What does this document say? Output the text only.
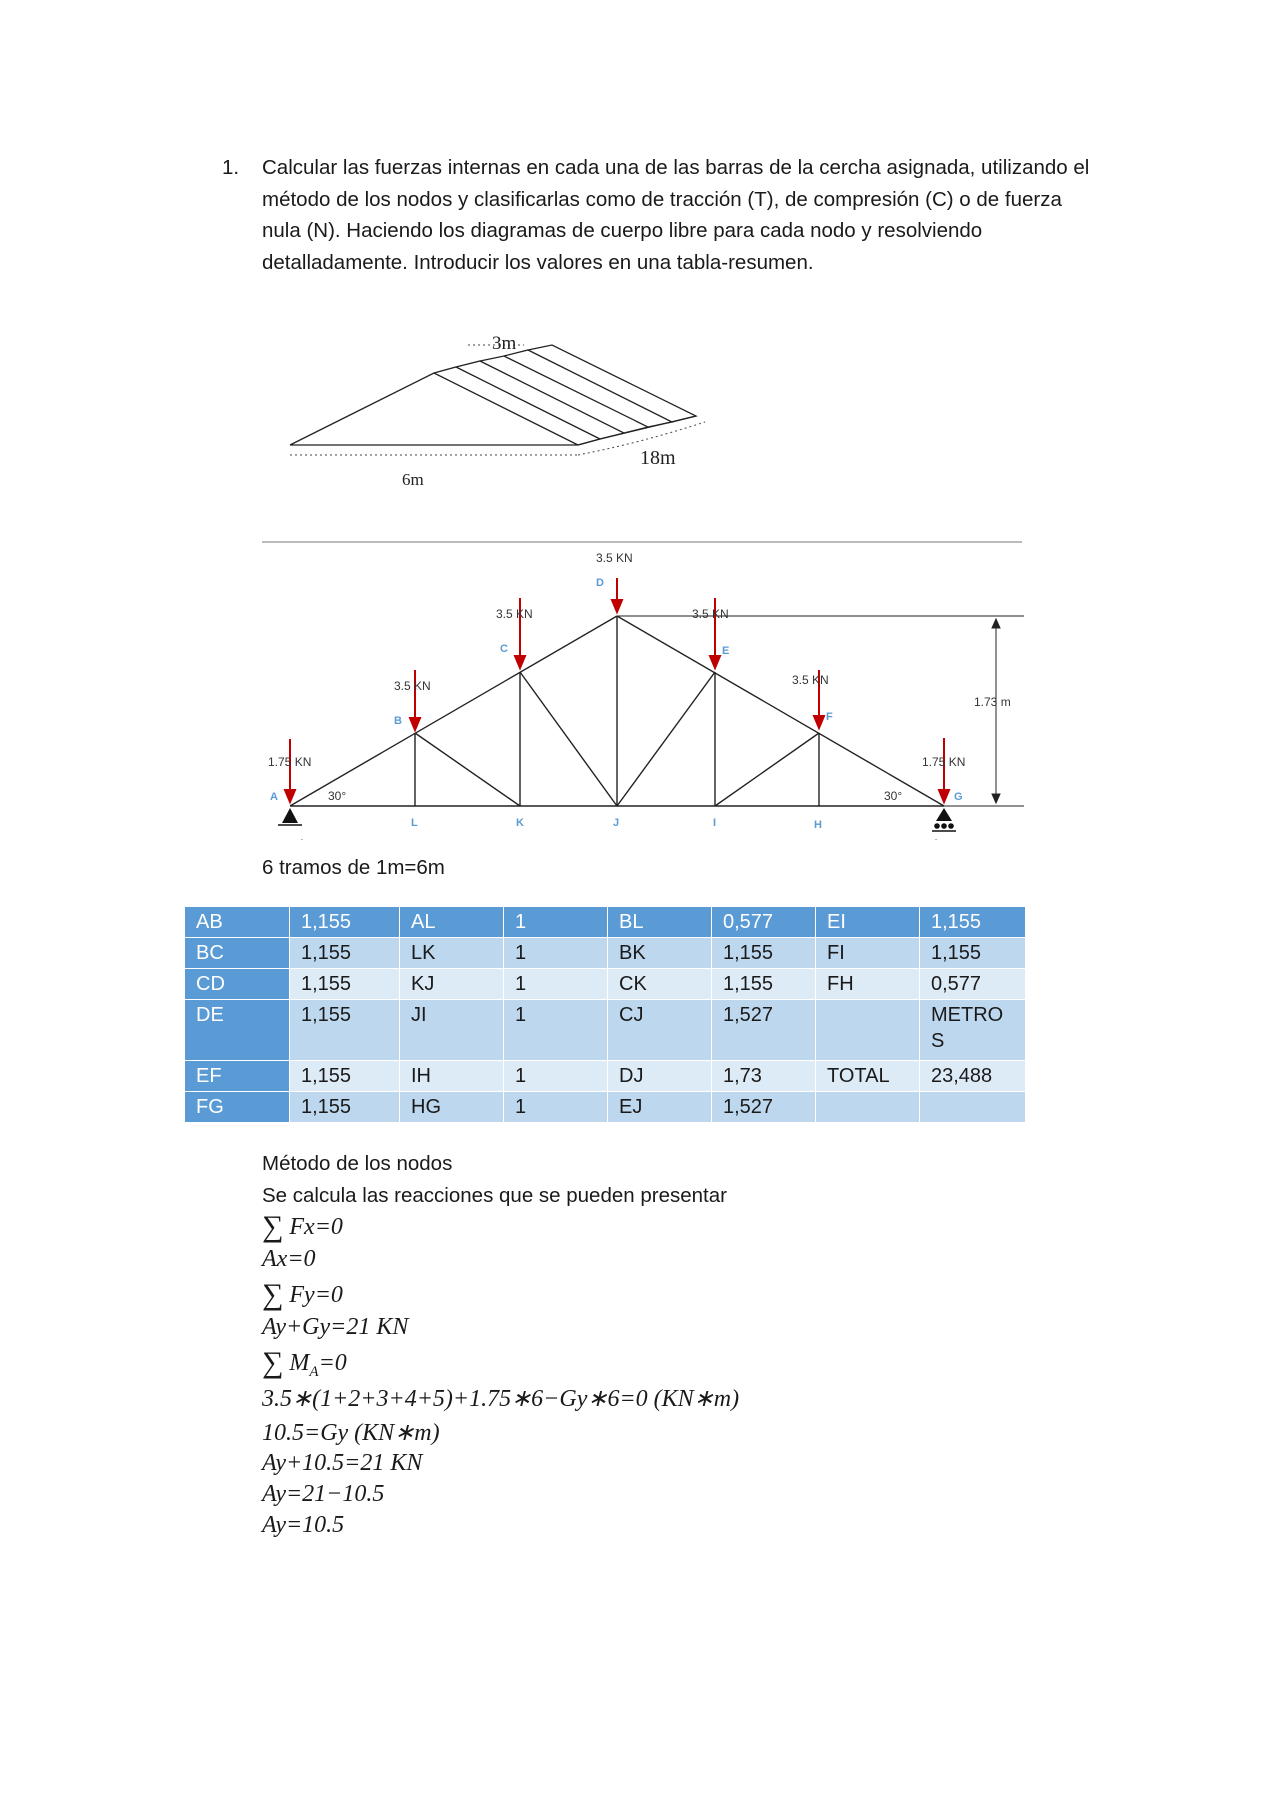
1. Calcular las fuerzas internas en cada una de las barras de la cercha asignada, utilizando el método de los nodos y clasificarlas como de tracción (T), de compresión (C) o de fuerza nula (N). Haciendo los diagramas de cuerpo libre para cada nodo y resolviendo detalladamente. Introducir los valores en una tabla-resumen.
3m
18m
6m
1.75 KN
3.5 KN
3.5 KN
3.5 KN
3.5 KN
3.5 KN
1.75 KN
30°	30°
1.73 m
A
B
C
D
E
F
G
L	K	J	I	H
6 tramos de 1m=6m
AB	1,155	AL	1	BL	0,577	EI	1,155
BC	1,155	LK	1	BK	1,155	FI	1,155
CD	1,155	KJ	1	CK	1,155	FH	0,577
DE	1,155	JI	1	CJ	1,527		METROS
EF	1,155	IH	1	DJ	1,73	TOTAL	23,488
FG	1,155	HG	1	EJ	1,527		
Método de los nodos
Se calcula las reacciones que se pueden presentar
∑ Fx=0
Ax=0
∑ Fy=0
Ay+Gy=21 KN
∑ $M_A=0$
3.5∗(1+2+3+4+5)+1.75∗6−Gy∗6=0 (KN∗m)
10.5=Gy (KN∗m)
Ay+10.5=21 KN
Ay=21−10.5
Ay=10.5
